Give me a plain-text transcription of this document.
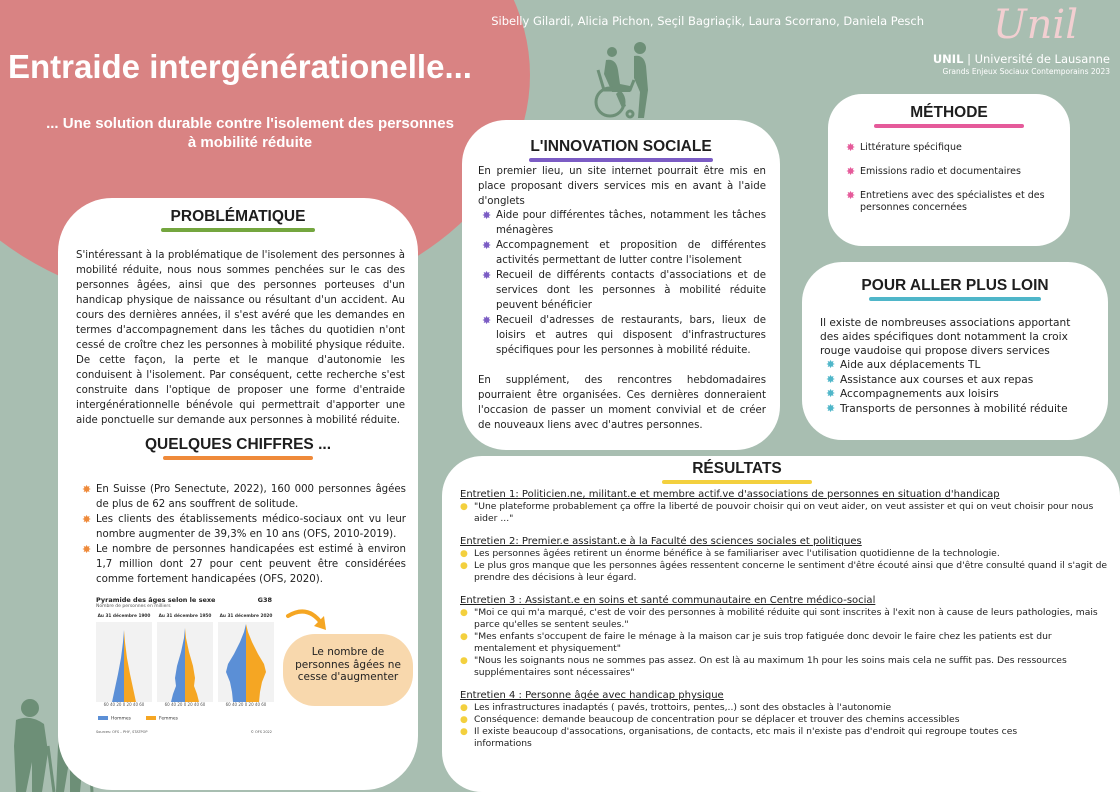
Entraide intergénérationelle...
... Une solution durable contre l'isolement des personnes à mobilité réduite
Sibelly Gilardi, Alicia Pichon, Seçil Bagriaçik, Laura Scorrano, Daniela Pesch Unil
UNIL | Université de Lausanne
Grands Enjeux Sociaux Contemporains 2023
PROBLÉMATIQUE
S'intéressant à la problématique de l'isolement des personnes à mobilité réduite, nous nous sommes penchées sur le cas des personnes âgées, ainsi que des personnes porteuses d'un handicap physique de naissance ou résultant d'un accident. Au cours des dernières années, il s'est avéré que les demandes en termes d'accompagnement dans les tâches du quotidien n'ont cessé de croître chez les personnes à mobilité physique réduite. De cette façon, la perte et le manque d'autonomie les conduisent à l'isolement. Par conséquent, cette recherche s'est construite dans l'optique de proposer une forme d'entraide intergénérationnelle bénévole qui permettrait d'apporter une aide ponctuelle sur demande aux personnes à mobilité réduite.
QUELQUES CHIFFRES ...
✸ En Suisse (Pro Senectute, 2022), 160 000 personnes âgées de plus de 62 ans souffrent de solitude.
✸ Les clients des établissements médico-sociaux ont vu leur nombre augmenter de 39,3% en 10 ans (OFS, 2010-2019).
✸ Le nombre de personnes handicapées est estimé à environ 1,7 million dont 27 pour cent peuvent être considérées comme fortement handicapées (OFS, 2020).
Pyramide des âges selon le sexe
Nombre de personnes en milliers
G38
Au 31 décembre 1900
60 40 20 0 20 40 60
Au 31 décembre 1950
60 40 20 0 20 40 60
Au 31 décembre 2020
60 40 20 0 20 40 60
Hommes	Femmes
Sources: OFS – PHY, STATPOP	© OFS 2022
Le nombre de personnes âgées ne cesse d'augmenter
L'INNOVATION SOCIALE
En premier lieu, un site internet pourrait être mis en place proposant divers services mis en avant à l'aide d'onglets
✸ Aide pour différentes tâches, notamment les tâches ménagères
✸ Accompagnement et proposition de différentes activités permettant de lutter contre l'isolement
✸ Recueil de différents contacts d'associations et de services dont les personnes à mobilité réduite peuvent bénéficier
✸ Recueil d'adresses de restaurants, bars, lieux de loisirs et autres qui disposent d'infrastructures spécifiques pour les personnes à mobilité réduite.
En supplément, des rencontres hebdomadaires pourraient être organisées. Ces dernières donneraient l'occasion de passer un moment convivial et de créer de nouveaux liens avec d'autres personnes.
MÉTHODE
✸ Littérature spécifique
✸ Emissions radio et documentaires
✸ Entretiens avec des spécialistes et des personnes concernées
POUR ALLER PLUS LOIN
Il existe de nombreuses associations apportant des aides spécifiques dont notamment la croix rouge vaudoise qui propose divers services
✸ Aide aux déplacements TL
✸ Assistance aux courses et aux repas
✸ Accompagnements aux loisirs
✸ Transports de personnes à mobilité réduite
RÉSULTATS
Entretien 1: Politicien.ne, militant.e et membre actif.ve d'associations de personnes en situation d'handicap
● "Une plateforme probablement ça offre la liberté de pouvoir choisir qui on veut aider, on veut assister et qui on veut choisir pour nous aider ..."
Entretien 2: Premier.e assistant.e à la Faculté des sciences sociales et politiques
● Les personnes âgées retirent un énorme bénéfice à se familiariser avec l'utilisation quotidienne de la technologie.
● Le plus gros manque que les personnes âgées ressentent concerne le sentiment d'être écouté ainsi que d'être consulté quand il s'agit de prendre des décisions à leur égard.
Entretien 3 : Assistant.e en soins et santé communautaire en Centre médico-social
● "Moi ce qui m'a marqué, c'est de voir des personnes à mobilité réduite qui sont inscrites à l'exit non à cause de leurs pathologies, mais parce qu'elles se sentent seules."
● "Mes enfants s'occupent de faire le ménage à la maison car je suis trop fatiguée donc devoir le faire chez les patients est dur mentalement et physiquement"
● "Nous les soignants nous ne sommes pas assez. On est là au maximum 1h pour les soins mais cela ne suffit pas. Des ressources supplémentaires sont nécessaires"
Entretien 4 : Personne âgée avec handicap physique
● Les infrastructures inadaptés ( pavés, trottoirs, pentes,..) sont des obstacles à l'autonomie
● Conséquence: demande beaucoup de concentration pour se déplacer et trouver des chemins accessibles
● Il existe beaucoup d'assocations, organisations, de contacts, etc mais il n'existe pas d'endroit qui regroupe toutes ces informations
